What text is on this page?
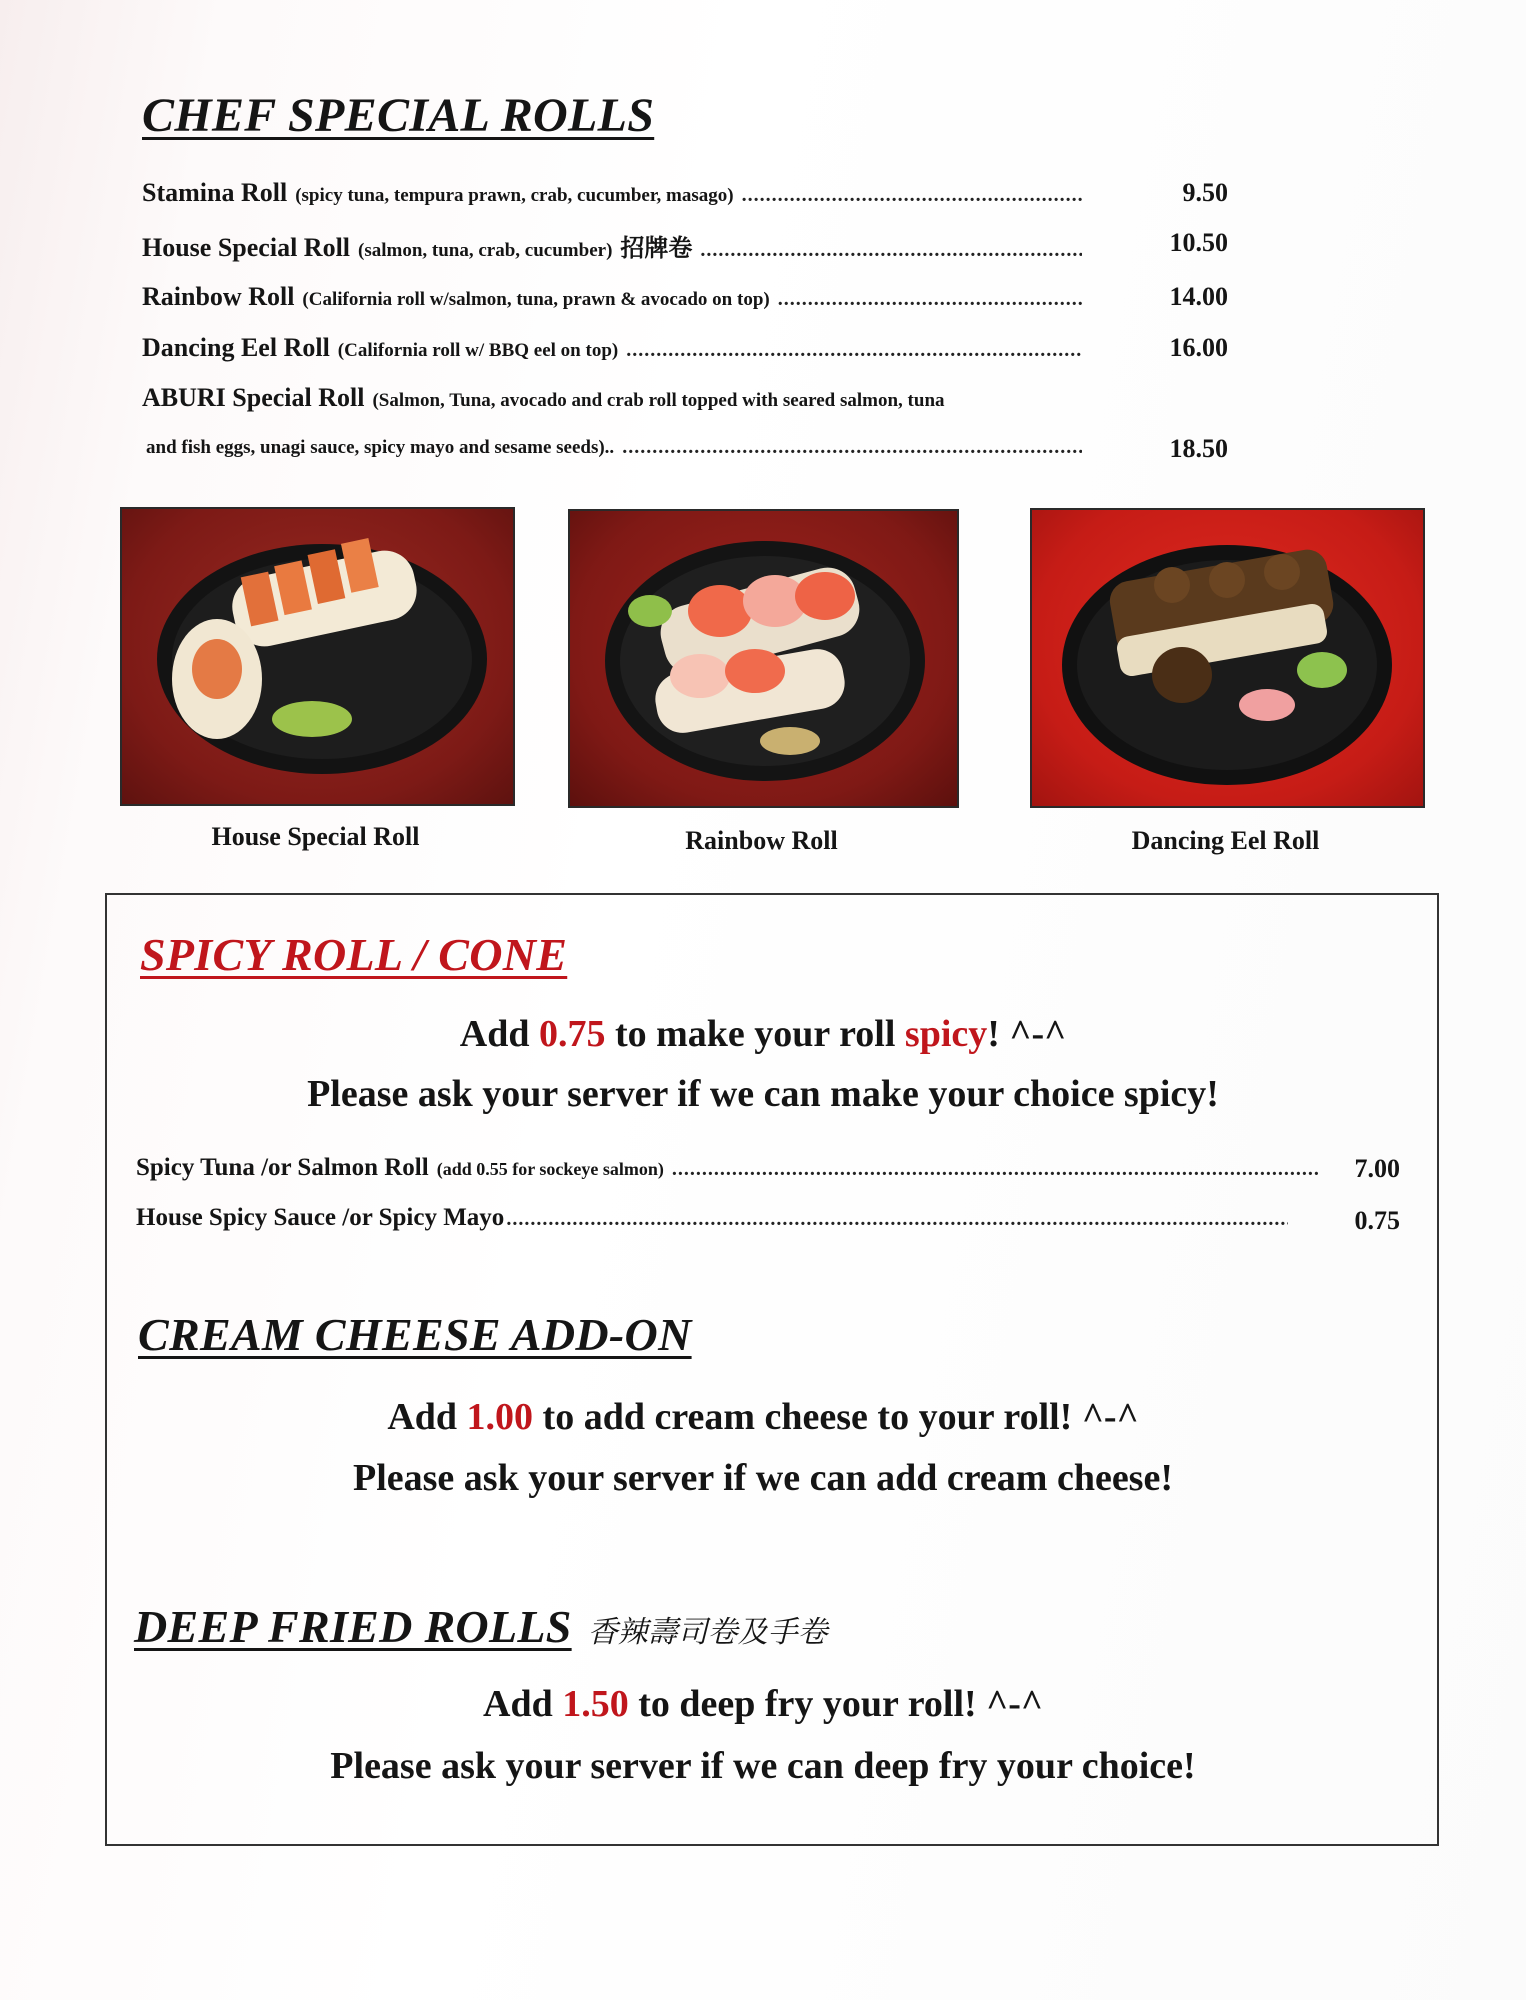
CHEF SPECIAL ROLLS
Stamina Roll (spicy tuna, tempura prawn, crab, cucumber, masago) .....	9.50
House Special Roll (salmon, tuna, crab, cucumber) 招牌卷 .....	10.50
Rainbow Roll (California roll w/salmon, tuna, prawn & avocado on top) .....	14.00
Dancing Eel Roll (California roll w/ BBQ eel on top) .....	16.00
ABURI Special Roll (Salmon, Tuna, avocado and crab roll topped with seared salmon, tuna
and fish eggs, unagi sauce, spicy mayo and sesame seeds).. .....	18.50
House Special Roll	Rainbow Roll	Dancing Eel Roll
SPICY ROLL / CONE
Add 0.75 to make your roll spicy! ^-^
Please ask your server if we can make your choice spicy!
Spicy Tuna /or Salmon Roll (add 0.55 for sockeye salmon) .....	7.00
House Spicy Sauce /or Spicy Mayo .....	0.75
CREAM CHEESE ADD-ON
Add 1.00 to add cream cheese to your roll! ^-^
Please ask your server if we can add cream cheese!
DEEP FRIED ROLLS 香辣壽司卷及手卷
Add 1.50 to deep fry your roll! ^-^
Please ask your server if we can deep fry your choice!
